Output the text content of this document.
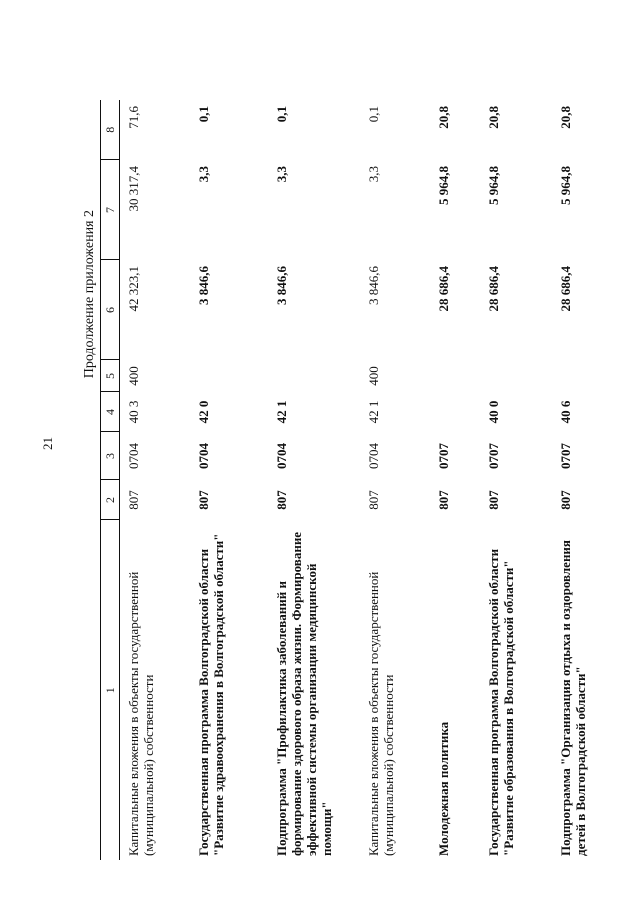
21
Продолжение приложения 2
1	2	3	4	5	6	7	8
Капитальные вложения в объекты государственной (муниципальной) собственности	807	0704	40 3	400	42 323,1	30 317,4	71,6
Государственная программа Волгоградской области "Развитие здравоохранения в Волгоградской области"	807	0704	42 0		3 846,6	3,3	0,1
Подпрограмма "Профилактика заболеваний и формирование здорового образа жизни. Формирование эффективной системы организации медицинской помощи"	807	0704	42 1		3 846,6	3,3	0,1
Капитальные вложения в объекты государственной (муниципальной) собственности	807	0704	42 1	400	3 846,6	3,3	0,1
Молодежная политика	807	0707			28 686,4	5 964,8	20,8
Государственная программа Волгоградской области "Развитие образования в Волгоградской области"	807	0707	40 0		28 686,4	5 964,8	20,8
Подпрограмма "Организация отдыха и оздоровления детей в Волгоградской области"	807	0707	40 6		28 686,4	5 964,8	20,8
